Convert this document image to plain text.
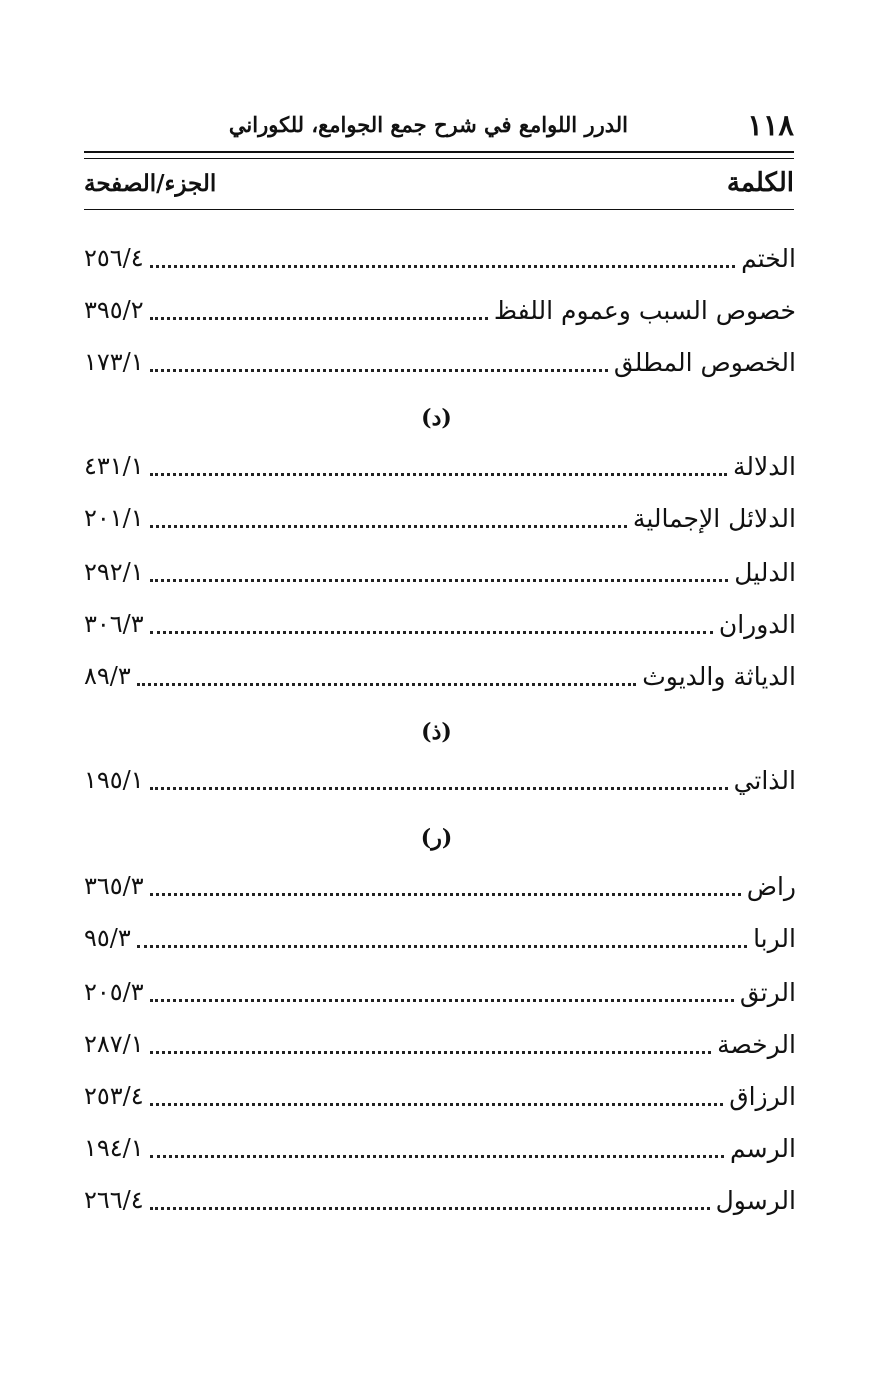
١١٨
الدرر اللوامع في شرح جمع الجوامع، للكوراني
الكلمة
الجزء/الصفحة
الختم
٢٥٦/٤
خصوص السبب وعموم اللفظ
٣٩٥/٢
الخصوص المطلق
١٧٣/١
(د)
الدلالة
٤٣١/١
الدلائل الإجمالية
٢٠١/١
الدليل
٢٩٢/١
الدوران
٣٠٦/٣
الدياثة والديوث
٨٩/٣
(ذ)
الذاتي
١٩٥/١
(ر)
راض
٣٦٥/٣
الربا
٩٥/٣
الرتق
٢٠٥/٣
الرخصة
٢٨٧/١
الرزاق
٢٥٣/٤
الرسم
١٩٤/١
الرسول
٢٦٦/٤
